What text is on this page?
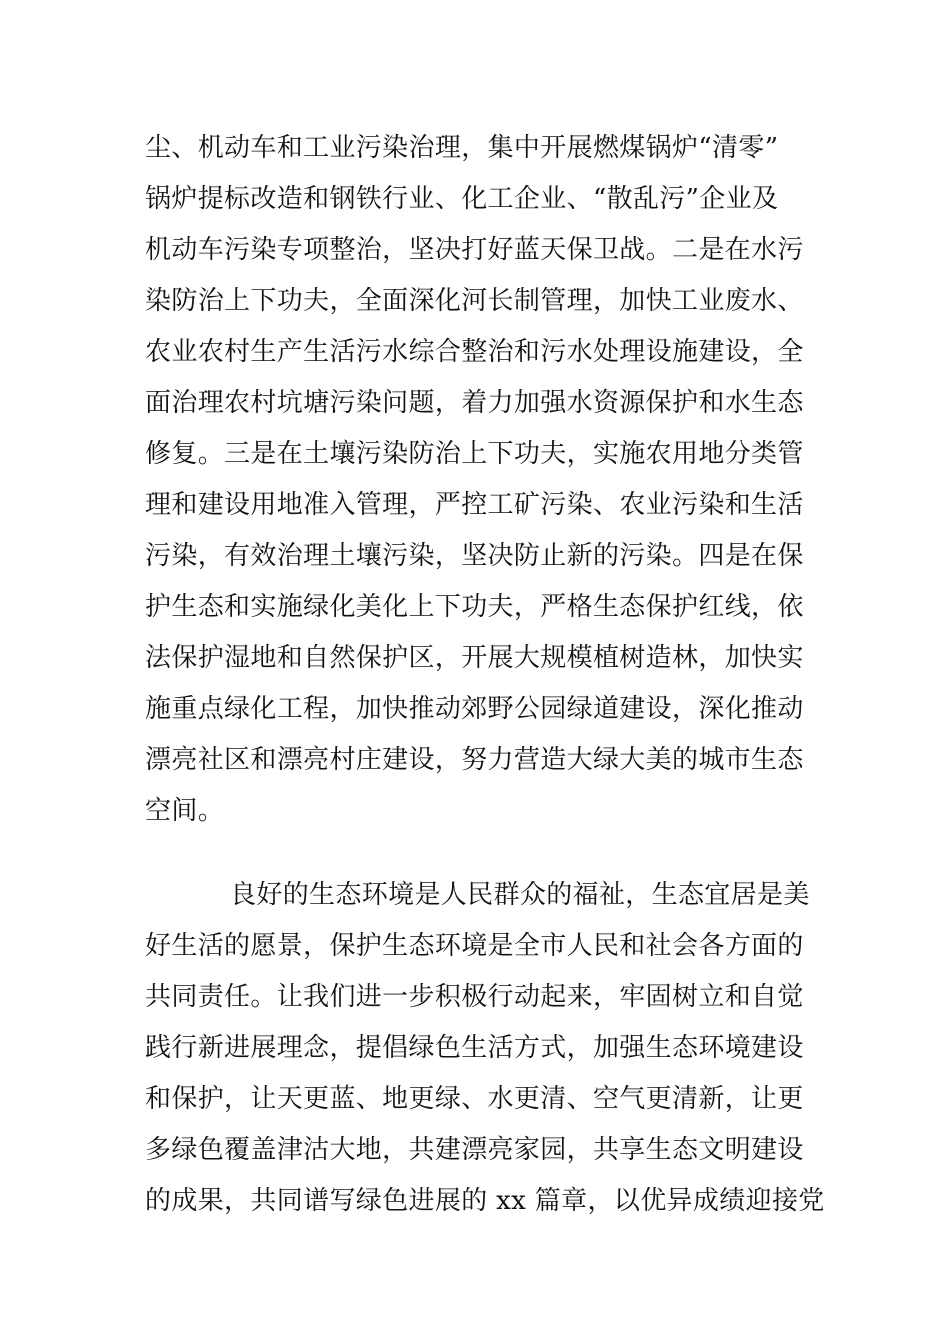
尘、机动车和工业污染治理，集中开展燃煤锅炉“清零”
锅炉提标改造和钢铁行业、化工企业、“散乱污”企业及
机动车污染专项整治，坚决打好蓝天保卫战。二是在水污
染防治上下功夫，全面深化河长制管理，加快工业废水、
农业农村生产生活污水综合整治和污水处理设施建设，全
面治理农村坑塘污染问题，着力加强水资源保护和水生态
修复。三是在土壤污染防治上下功夫，实施农用地分类管
理和建设用地准入管理，严控工矿污染、农业污染和生活
污染，有效治理土壤污染，坚决防止新的污染。四是在保
护生态和实施绿化美化上下功夫，严格生态保护红线，依
法保护湿地和自然保护区，开展大规模植树造林，加快实
施重点绿化工程，加快推动郊野公园绿道建设，深化推动
漂亮社区和漂亮村庄建设，努力营造大绿大美的城市生态
空间。
良好的生态环境是人民群众的福祉，生态宜居是美
好生活的愿景，保护生态环境是全市人民和社会各方面的
共同责任。让我们进一步积极行动起来，牢固树立和自觉
践行新进展理念，提倡绿色生活方式，加强生态环境建设
和保护，让天更蓝、地更绿、水更清、空气更清新，让更
多绿色覆盖津沽大地，共建漂亮家园，共享生态文明建设
的成果，共同谱写绿色进展的 xx 篇章，以优异成绩迎接党
